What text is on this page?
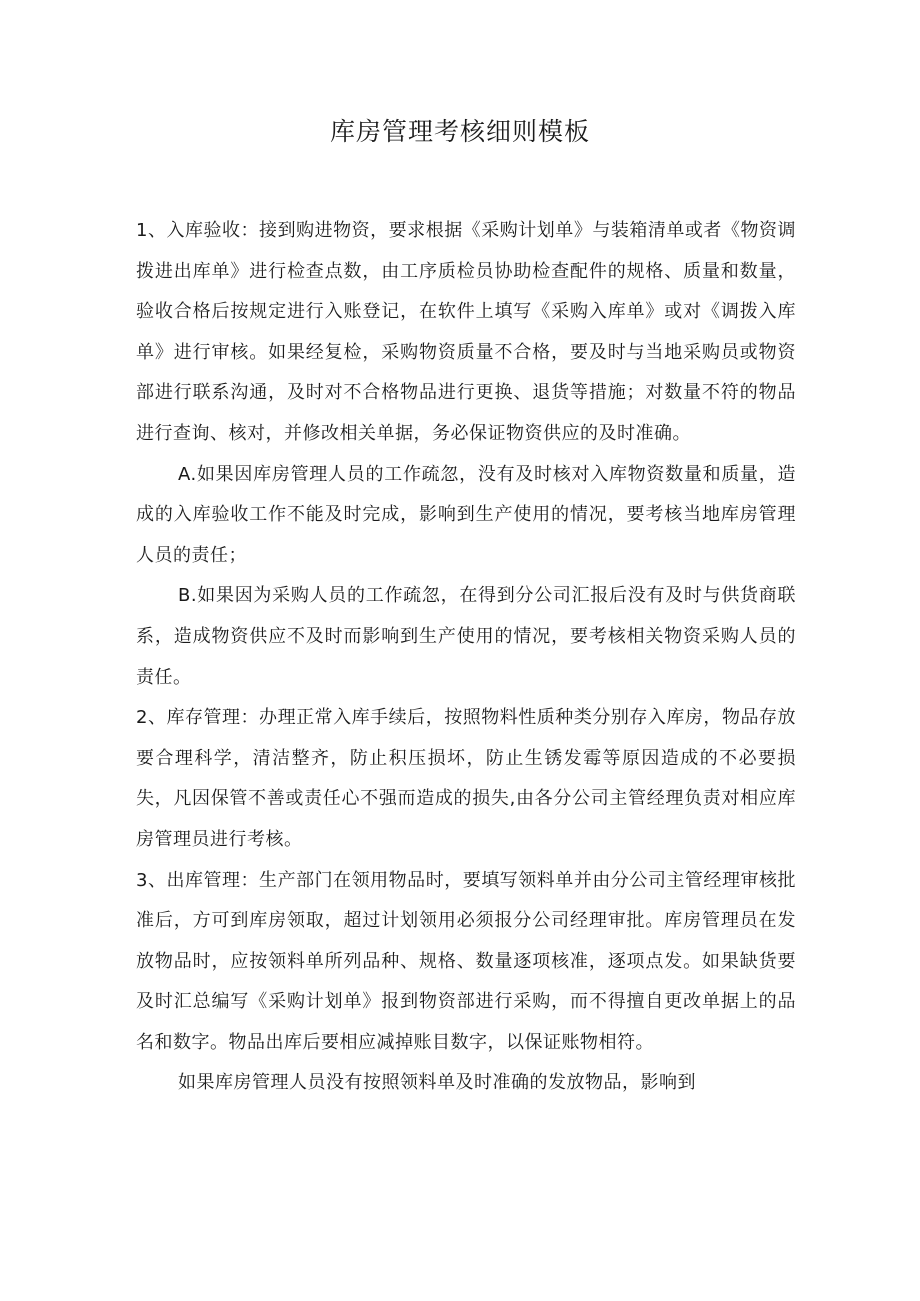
库房管理考核细则模板

1、入库验收：接到购进物资，要求根据《采购计划单》与装箱清单或者《物资调拨进出库单》进行检查点数，由工序质检员协助检查配件的规格、质量和数量，验收合格后按规定进行入账登记，在软件上填写《采购入库单》或对《调拨入库单》进行审核。如果经复检，采购物资质量不合格，要及时与当地采购员或物资部进行联系沟通，及时对不合格物品进行更换、退货等措施；对数量不符的物品进行查询、核对，并修改相关单据，务必保证物资供应的及时准确。

A.如果因库房管理人员的工作疏忽，没有及时核对入库物资数量和质量，造成的入库验收工作不能及时完成，影响到生产使用的情况，要考核当地库房管理人员的责任；

B.如果因为采购人员的工作疏忽，在得到分公司汇报后没有及时与供货商联系，造成物资供应不及时而影响到生产使用的情况，要考核相关物资采购人员的责任。

2、库存管理：办理正常入库手续后，按照物料性质种类分别存入库房，物品存放要合理科学，清洁整齐，防止积压损坏，防止生锈发霉等原因造成的不必要损失，凡因保管不善或责任心不强而造成的损失,由各分公司主管经理负责对相应库房管理员进行考核。

3、出库管理：生产部门在领用物品时，要填写领料单并由分公司主管经理审核批准后，方可到库房领取，超过计划领用必须报分公司经理审批。库房管理员在发放物品时，应按领料单所列品种、规格、数量逐项核准，逐项点发。如果缺货要及时汇总编写《采购计划单》报到物资部进行采购，而不得擅自更改单据上的品名和数字。物品出库后要相应减掉账目数字，以保证账物相符。

如果库房管理人员没有按照领料单及时准确的发放物品，影响到
